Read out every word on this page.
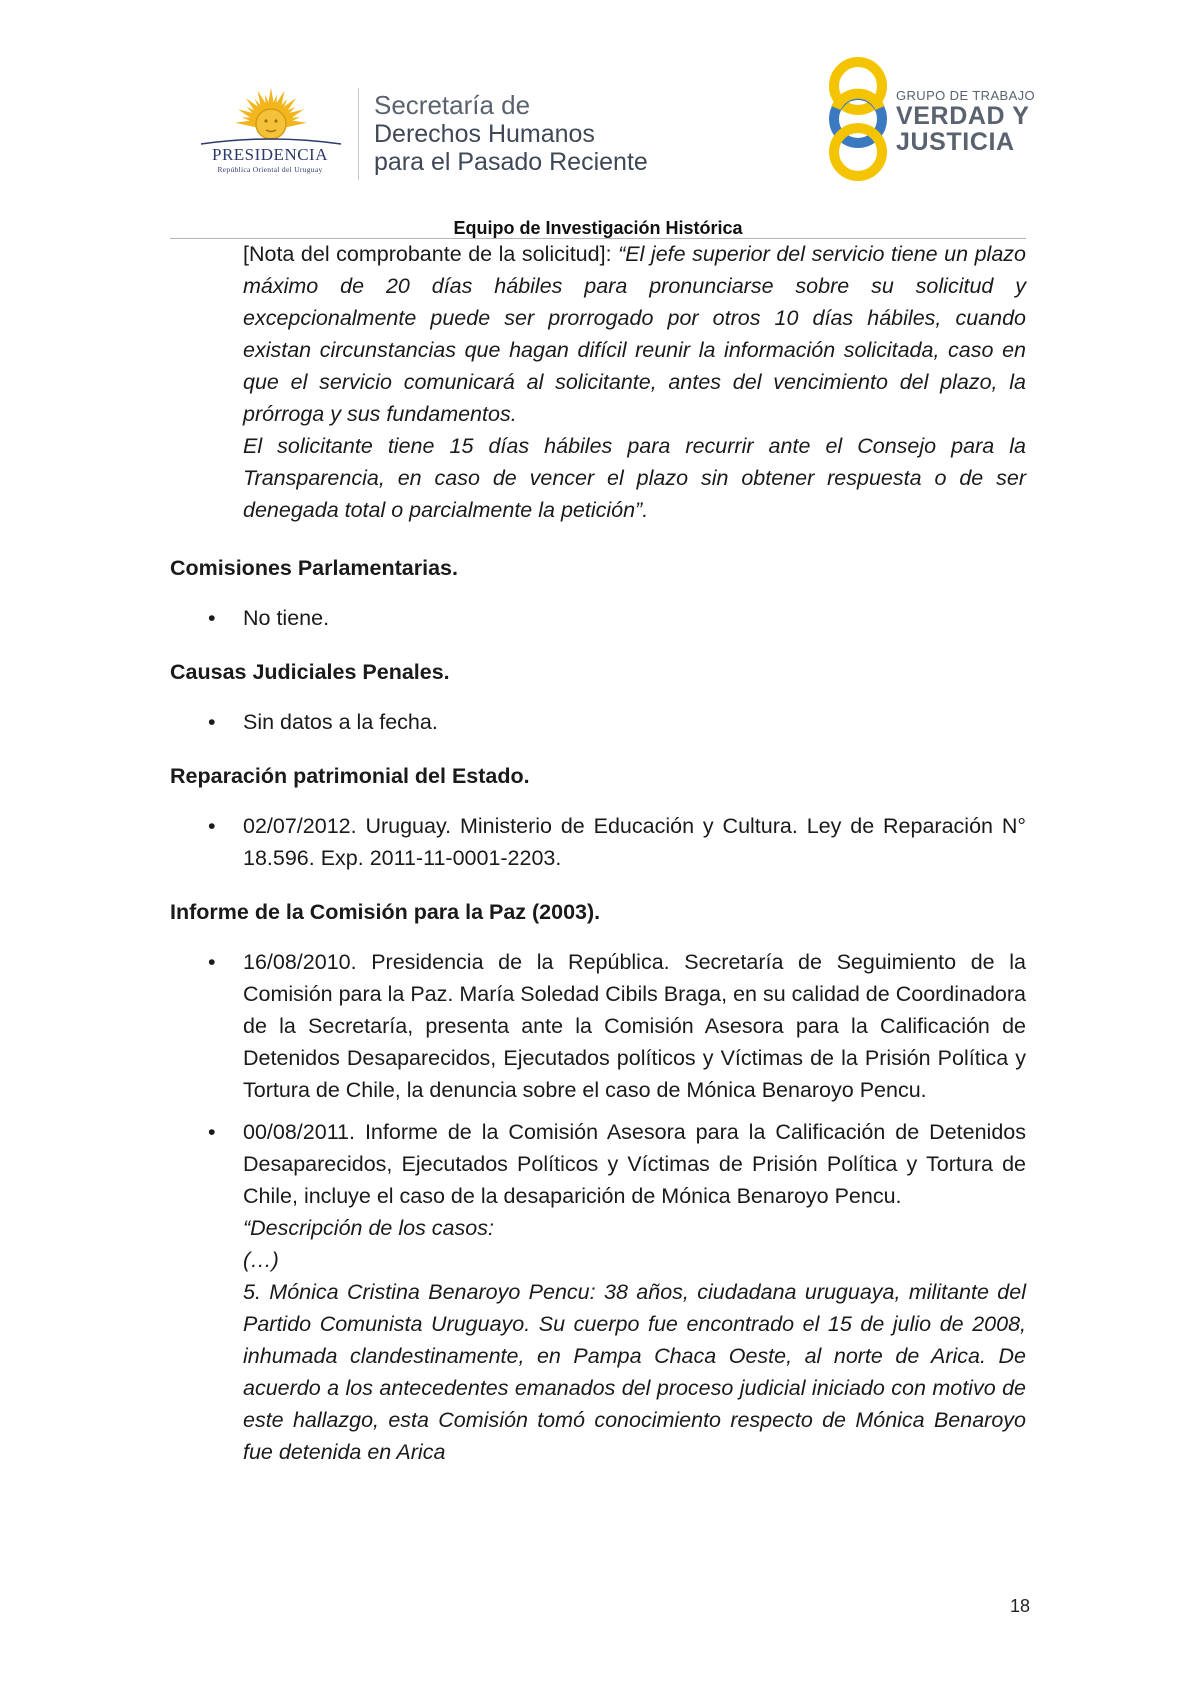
PRESIDENCIA
República Oriental del Uruguay
Secretaría de
Derechos Humanos
para el Pasado Reciente
GRUPO DE TRABAJO
VERDAD Y
JUSTICIA
Equipo de Investigación Histórica

[Nota del comprobante de la solicitud]: “El jefe superior del servicio tiene un plazo máximo de 20 días hábiles para pronunciarse sobre su solicitud y excepcionalmente puede ser prorrogado por otros 10 días hábiles, cuando existan circunstancias que hagan difícil reunir la información solicitada, caso en que el servicio comunicará al solicitante, antes del vencimiento del plazo, la prórroga y sus fundamentos.

El solicitante tiene 15 días hábiles para recurrir ante el Consejo para la Transparencia, en caso de vencer el plazo sin obtener respuesta o de ser denegada total o parcialmente la petición”.

Comisiones Parlamentarias.
• No tiene.
Causas Judiciales Penales.
• Sin datos a la fecha.
Reparación patrimonial del Estado.
• 02/07/2012. Uruguay. Ministerio de Educación y Cultura. Ley de Reparación N° 18.596. Exp. 2011-11-0001-2203.
Informe de la Comisión para la Paz (2003).
• 16/08/2010. Presidencia de la República. Secretaría de Seguimiento de la Comisión para la Paz. María Soledad Cibils Braga, en su calidad de Coordinadora de la Secretaría, presenta ante la Comisión Asesora para la Calificación de Detenidos Desaparecidos, Ejecutados políticos y Víctimas de la Prisión Política y Tortura de Chile, la denuncia sobre el caso de Mónica Benaroyo Pencu.
• 00/08/2011. Informe de la Comisión Asesora para la Calificación de Detenidos Desaparecidos, Ejecutados Políticos y Víctimas de Prisión Política y Tortura de Chile, incluye el caso de la desaparición de Mónica Benaroyo Pencu.
“Descripción de los casos:
(…)
5. Mónica Cristina Benaroyo Pencu: 38 años, ciudadana uruguaya, militante del Partido Comunista Uruguayo. Su cuerpo fue encontrado el 15 de julio de 2008, inhumada clandestinamente, en Pampa Chaca Oeste, al norte de Arica. De acuerdo a los antecedentes emanados del proceso judicial iniciado con motivo de este hallazgo, esta Comisión tomó conocimiento respecto de Mónica Benaroyo fue detenida en Arica
18
